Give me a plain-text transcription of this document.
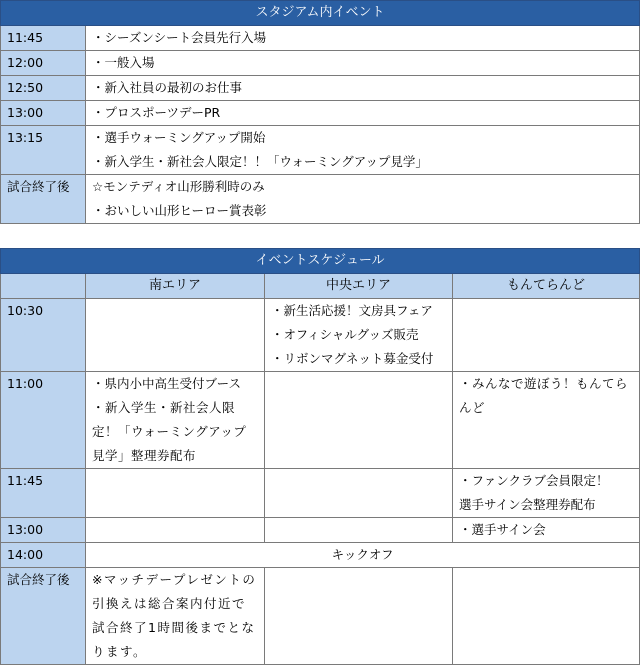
スタジアム内イベント	
11:45	・シーズンシート会員先行入場

12:00	・一般入場

12:50	・新入社員の最初のお仕事

13:00	・プロスポーツデーPR

13:15	・選手ウォーミングアップ開始
・新入学生・新社会人限定！！「ウォーミングアップ見学」

試合終了後	☆モンテディオ山形勝利時のみ
・おいしい山形ヒーロー賞表彰
イベントスケジュール			
	南エリア	中央エリア	もんてらんど
10:30		・新生活応援！文房具フェア
・オフィシャルグッズ販売
・リボンマグネット募金受付	

11:00	・県内小中高生受付ブース
・新入学生・新社会人限定！「ウォーミングアップ見学」整理券配布		・みんなで遊ぼう！もんてらんど

11:45			・ファンクラブ会員限定！
選手サイン会整理券配布

13:00			・選手サイン会

14:00	キックオフ		
試合終了後	※マッチデープレゼントの引換えは総合案内付近で試合終了1時間後までとなります。		
